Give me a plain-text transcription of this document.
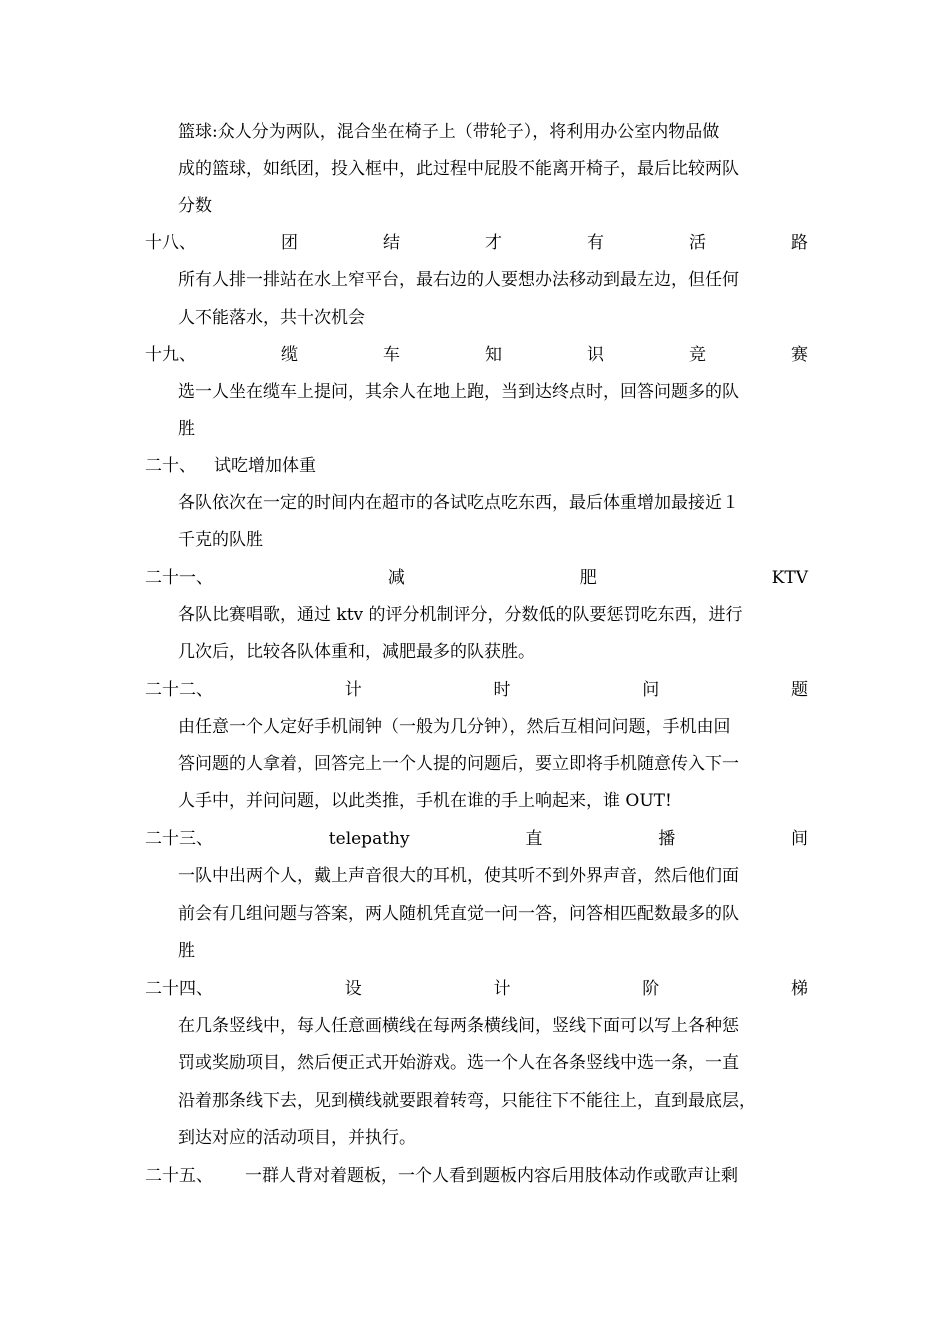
篮球:众人分为两队，混合坐在椅子上（带轮子），将利用办公室内物品做
成的篮球，如纸团，投入框中，此过程中屁股不能离开椅子，最后比较两队
分数
十八、	团	结	才	有	活	路
所有人排一排站在水上窄平台，最右边的人要想办法移动到最左边，但任何
人不能落水，共十次机会
十九、	缆	车	知	识	竞	赛
选一人坐在缆车上提问，其余人在地上跑，当到达终点时，回答问题多的队
胜
二十、 试吃增加体重
各队依次在一定的时间内在超市的各试吃点吃东西，最后体重增加最接近１
千克的队胜
二十一、	减	肥	KTV
各队比赛唱歌，通过 ktv 的评分机制评分，分数低的队要惩罚吃东西，进行
几次后，比较各队体重和，减肥最多的队获胜。
二十二、	计	时	问	题
由任意一个人定好手机闹钟（一般为几分钟），然后互相问问题，手机由回
答问题的人拿着，回答完上一个人提的问题后，要立即将手机随意传入下一
人手中，并问问题，以此类推，手机在谁的手上响起来，谁 OUT!
二十三、	telepathy	直	播	间
一队中出两个人，戴上声音很大的耳机，使其听不到外界声音，然后他们面
前会有几组问题与答案，两人随机凭直觉一问一答，问答相匹配数最多的队
胜
二十四、	设	计	阶	梯
在几条竖线中，每人任意画横线在每两条横线间，竖线下面可以写上各种惩
罚或奖励项目，然后便正式开始游戏。选一个人在各条竖线中选一条，一直
沿着那条线下去，见到横线就要跟着转弯，只能往下不能往上，直到最底层，
到达对应的活动项目，并执行。
二十五、 一群人背对着题板，一个人看到题板内容后用肢体动作或歌声让剩
